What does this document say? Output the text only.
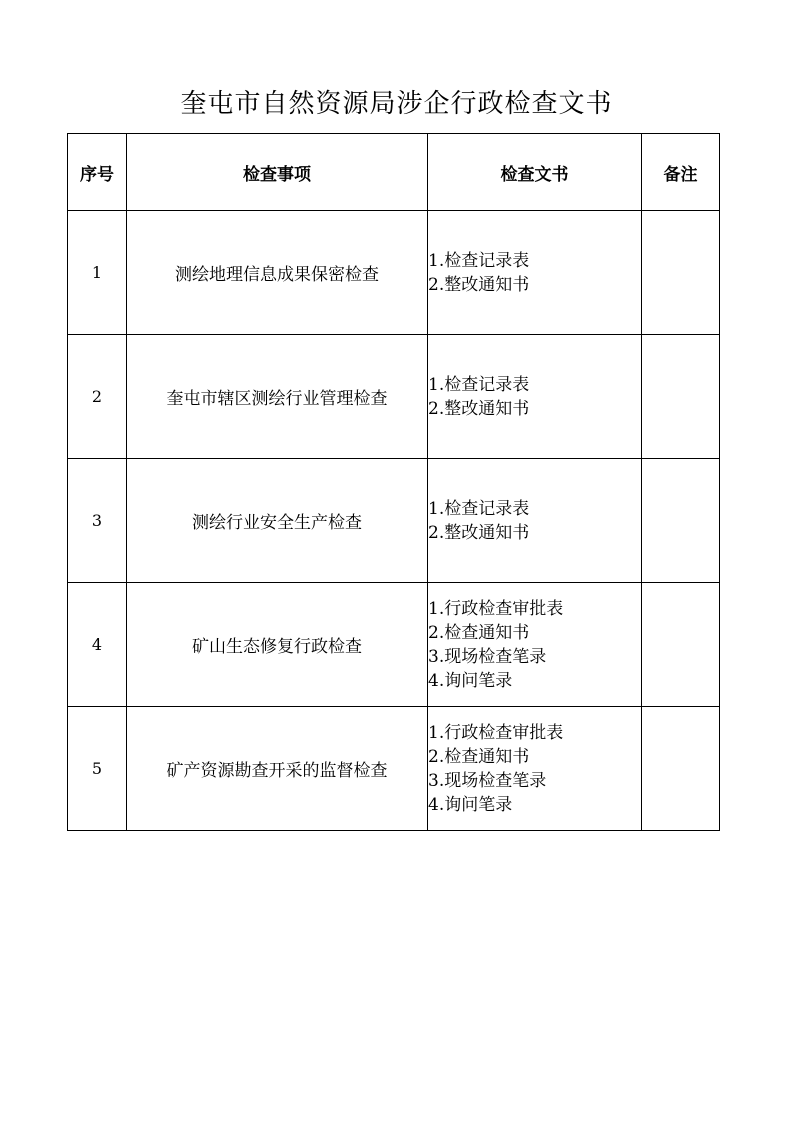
奎屯市自然资源局涉企行政检查文书
序号	检查事项	检查文书	备注
1	测绘地理信息成果保密检查	1.检查记录表
2.整改通知书	

2	奎屯市辖区测绘行业管理检查	1.检查记录表
2.整改通知书	

3	测绘行业安全生产检查	1.检查记录表
2.整改通知书	

4	矿山生态修复行政检查	1.行政检查审批表
2.检查通知书
3.现场检查笔录
4.询问笔录	

5	矿产资源勘查开采的监督检查	1.行政检查审批表
2.检查通知书
3.现场检查笔录
4.询问笔录	
